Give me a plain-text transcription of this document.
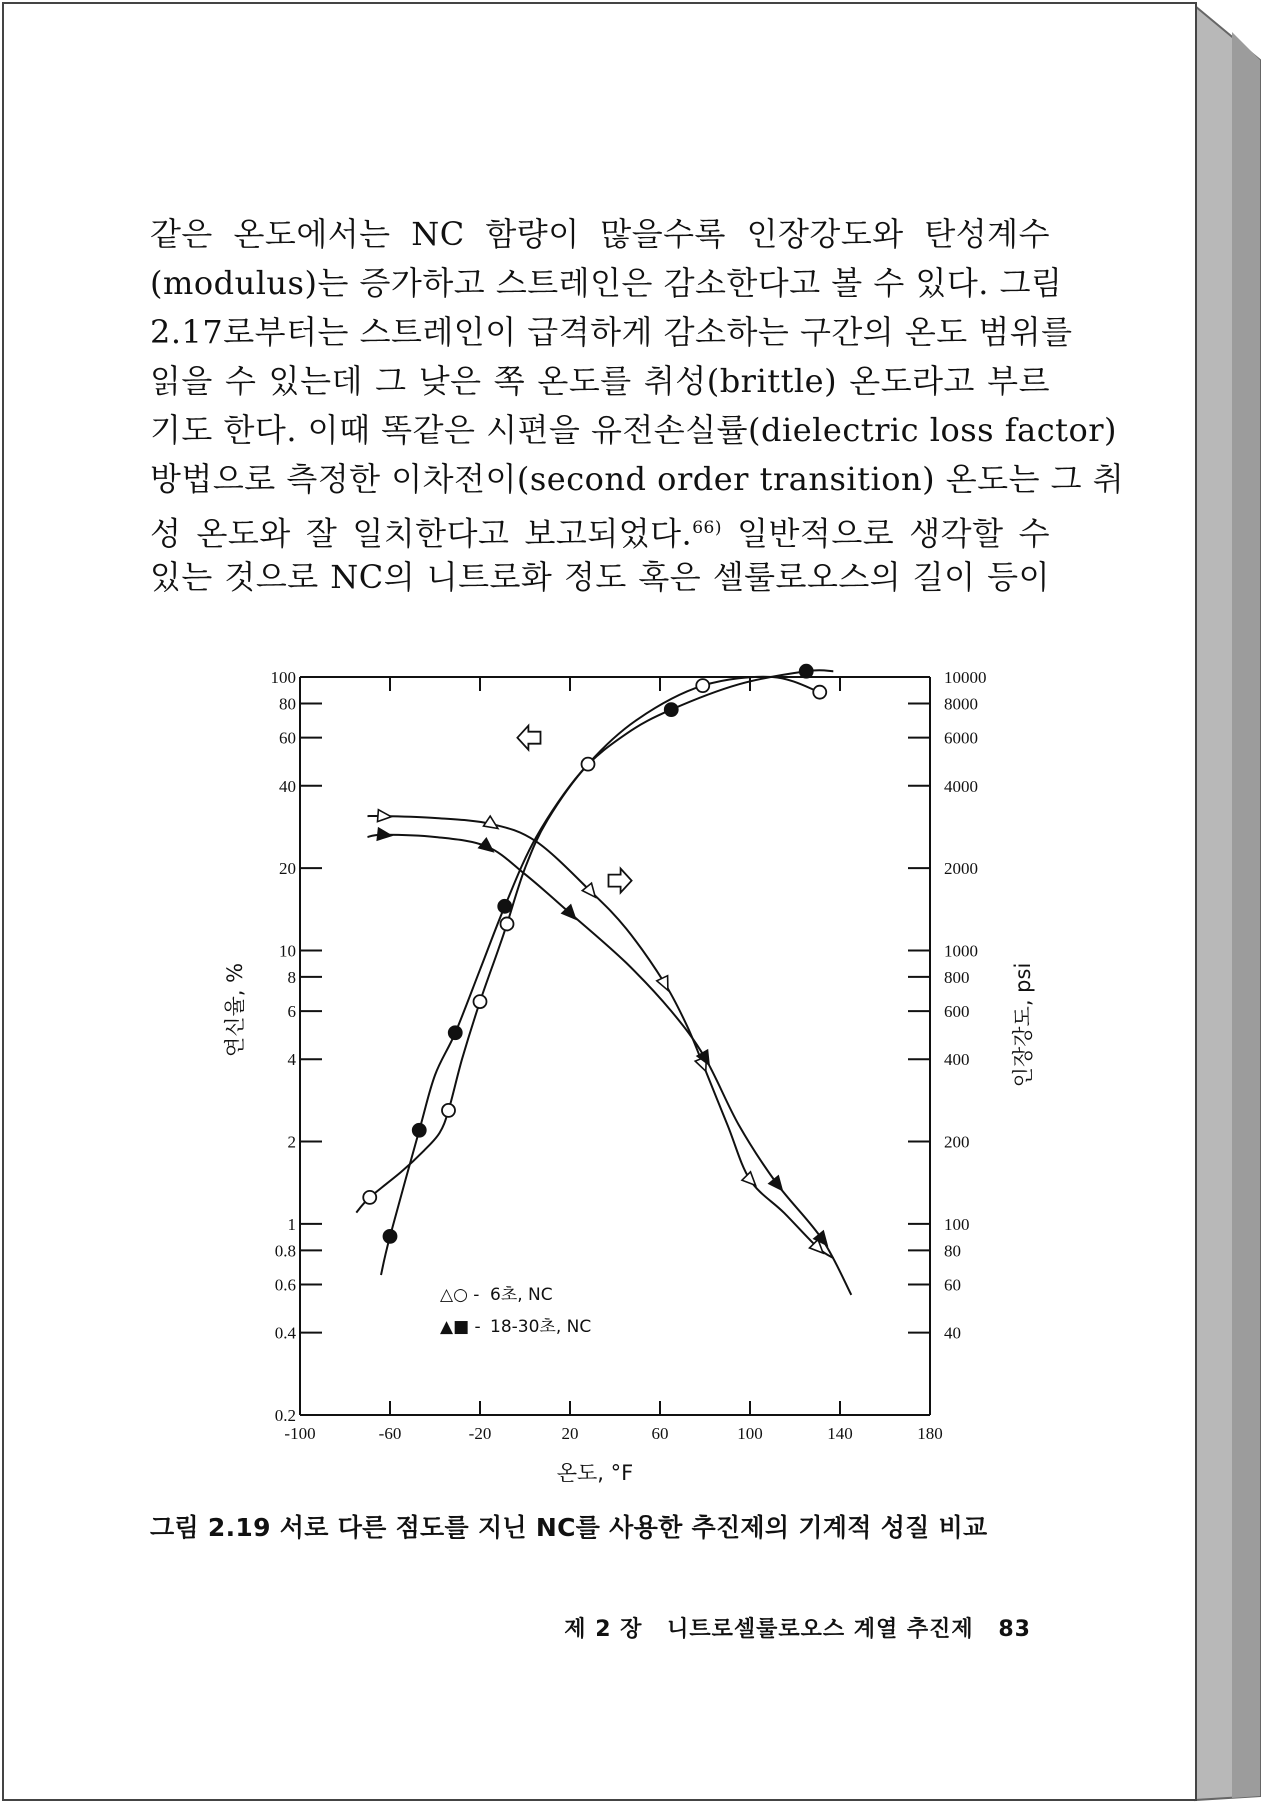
같은 온도에서는 NC 함량이 많을수록 인장강도와 탄성계수
(modulus)는 증가하고 스트레인은 감소한다고 볼 수 있다. 그림
2.17로부터는 스트레인이 급격하게 감소하는 구간의 온도 범위를
읽을 수 있는데 그 낮은 쪽 온도를 취성(brittle) 온도라고 부르
기도 한다. 이때 똑같은 시편을 유전손실률(dielectric loss factor)
방법으로 측정한 이차전이(second order transition) 온도는 그 취
성 온도와 잘 일치한다고 보고되었다.$^{66)}$ 일반적으로 생각할 수
있는 것으로 NC의 니트로화 정도 혹은 셀룰로오스의 길이 등이
-100	-60	-20	20	60	100	140	180
0.2
0.4
0.6
0.8
1
2
4
6
8
10
20
40
60
80
100
40
60
80
100
200
400
600
800
1000
2000
4000
6000
8000
10000
온도, °F
연신율, %	인장강도, psi
△○ - 6초, NC
▲■ - 18-30초, NC
그림 2.19 서로 다른 점도를 지닌 NC를 사용한 추진제의 기계적 성질 비교
제 2 장 니트로셀룰로오스 계열 추진제 83
